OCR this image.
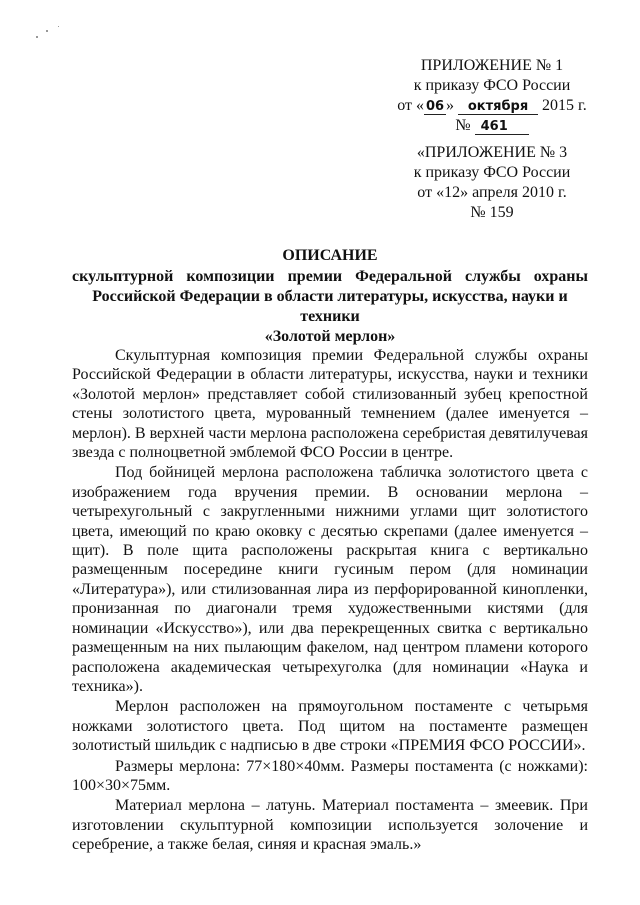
ПРИЛОЖЕНИЕ № 1
к приказу ФСО России
от « 06 » октября 2015 г.
№ 461
«ПРИЛОЖЕНИЕ № 3
к приказу ФСО России
от «12» апреля 2010 г.
№ 159
ОПИСАНИЕ
скульптурной композиции премии Федеральной службы охраны
Российской Федерации в области литературы, искусства, науки и техники
«Золотой мерлон»

Скульптурная композиция премии Федеральной службы охраны Российской Федерации в области литературы, искусства, науки и техники «Золотой мерлон» представляет собой стилизованный зубец крепостной стены золотистого цвета, мурованный темнением (далее именуется – мерлон). В верхней части мерлона расположена серебристая девятилучевая звезда с полноцветной эмблемой ФСО России в центре.

Под бойницей мерлона расположена табличка золотистого цвета с изображением года вручения премии. В основании мерлона – четырехугольный с закругленными нижними углами щит золотистого цвета, имеющий по краю оковку с десятью скрепами (далее именуется – щит). В поле щита расположены раскрытая книга с вертикально размещенным посередине книги гусиным пером (для номинации «Литература»), или стилизованная лира из перфорированной кинопленки, пронизанная по диагонали тремя художественными кистями (для номинации «Искусство»), или два перекрещенных свитка с вертикально размещенным на них пылающим факелом, над центром пламени которого расположена академическая четырехуголка (для номинации «Наука и техника»).

Мерлон расположен на прямоугольном постаменте с четырьмя ножками золотистого цвета. Под щитом на постаменте размещен золотистый шильдик с надписью в две строки «ПРЕМИЯ ФСО РОССИИ».

Размеры мерлона: 77×180×40мм. Размеры постамента (с ножками): 100×30×75мм.

Материал мерлона – латунь. Материал постамента – змеевик. При изготовлении скульптурной композиции используется золочение и серебрение, а также белая, синяя и красная эмаль.»
